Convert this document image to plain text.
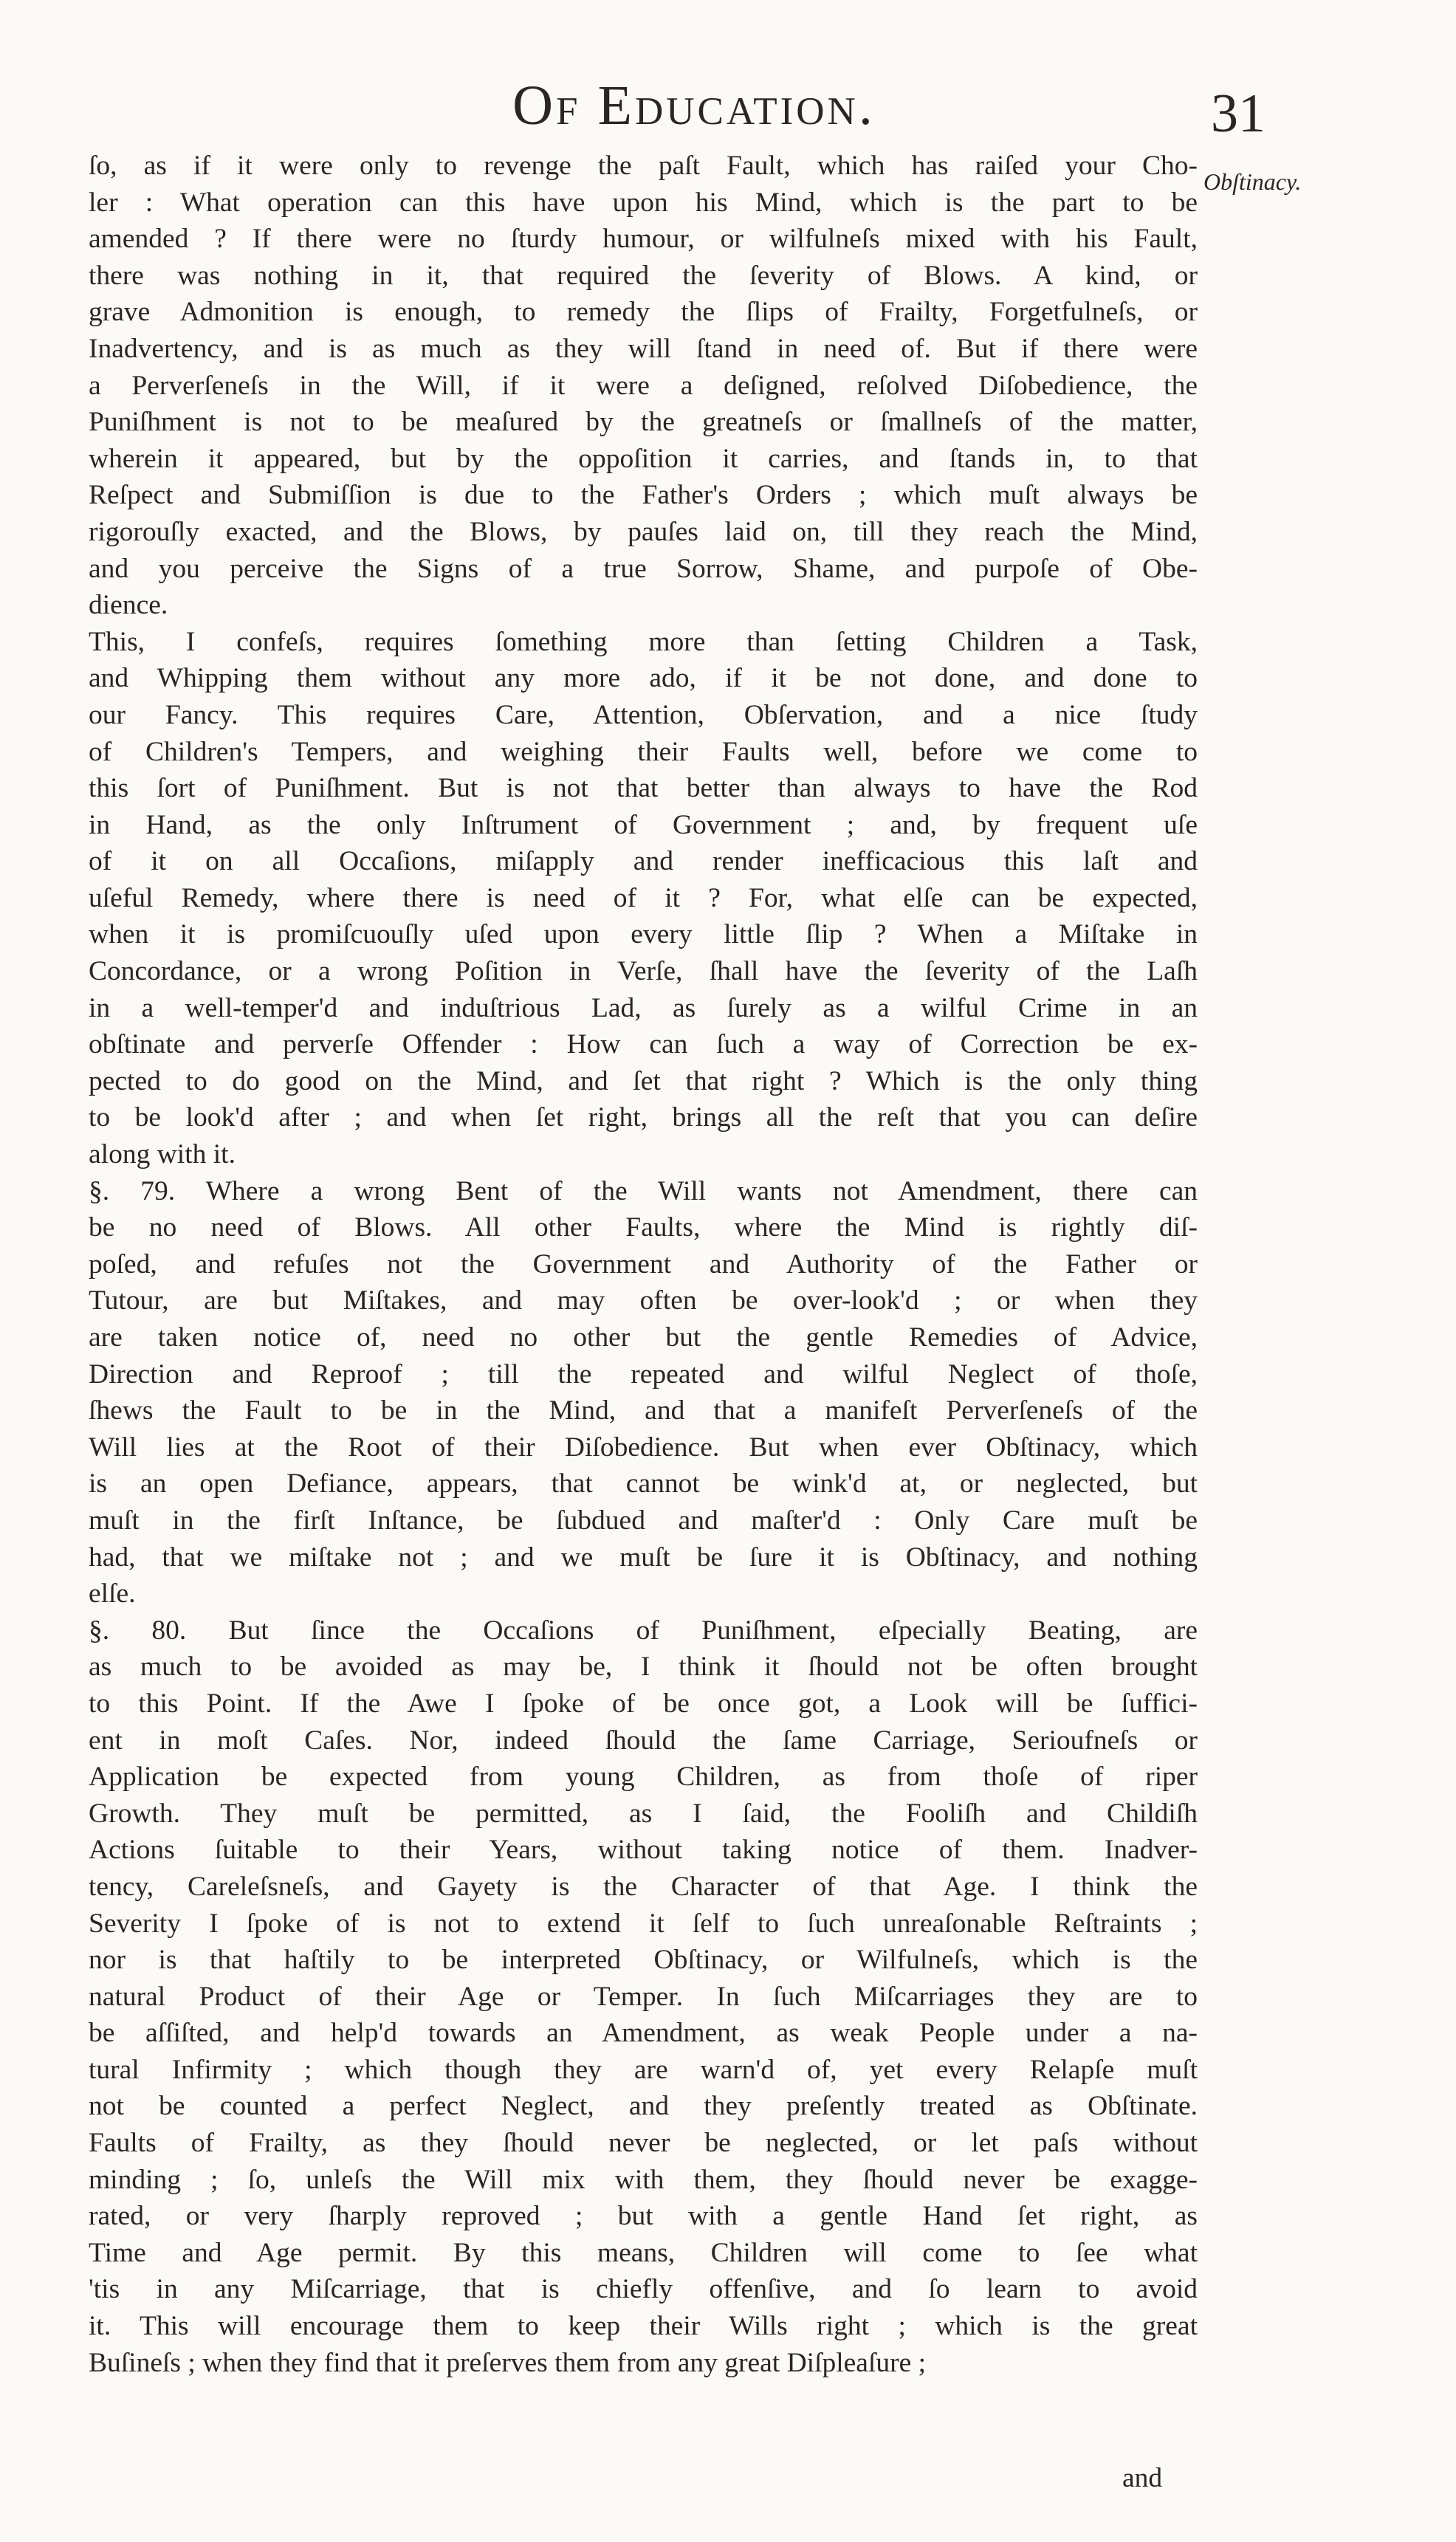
Of Education.	31
Obſtinacy.
ſo, as if it were only to revenge the paſt Fault, which has raiſed your Cho-
ler : What operation can this have upon his Mind, which is the part to be
amended ? If there were no ſturdy humour, or wilfulneſs mixed with his Fault,
there was nothing in it, that required the ſeverity of Blows. A kind, or
grave Admonition is enough, to remedy the ſlips of Frailty, Forgetfulneſs, or
Inadvertency, and is as much as they will ſtand in need of. But if there were
a Perverſeneſs in the Will, if it were a deſigned, reſolved Diſobedience, the
Puniſhment is not to be meaſured by the greatneſs or ſmallneſs of the matter,
wherein it appeared, but by the oppoſition it carries, and ſtands in, to that
Reſpect and Submiſſion is due to the Father's Orders ; which muſt always be
rigorouſly exacted, and the Blows, by pauſes laid on, till they reach the Mind,
and you perceive the Signs of a true Sorrow, Shame, and purpoſe of Obe-
dience.
This, I confeſs, requires ſomething more than ſetting Children a Task,
and Whipping them without any more ado, if it be not done, and done to
our Fancy. This requires Care, Attention, Obſervation, and a nice ſtudy
of Children's Tempers, and weighing their Faults well, before we come to
this ſort of Puniſhment. But is not that better than always to have the Rod
in Hand, as the only Inſtrument of Government ; and, by frequent uſe
of it on all Occaſions, miſapply and render inefficacious this laſt and
uſeful Remedy, where there is need of it ? For, what elſe can be expected,
when it is promiſcuouſly uſed upon every little ſlip ? When a Miſtake in
Concordance, or a wrong Poſition in Verſe, ſhall have the ſeverity of the Laſh
in a well-temper'd and induſtrious Lad, as ſurely as a wilful Crime in an
obſtinate and perverſe Offender : How can ſuch a way of Correction be ex-
pected to do good on the Mind, and ſet that right ? Which is the only thing
to be look'd after ; and when ſet right, brings all the reſt that you can deſire
along with it.
§. 79. Where a wrong Bent of the Will wants not Amendment, there can
be no need of Blows. All other Faults, where the Mind is rightly diſ-
poſed, and refuſes not the Government and Authority of the Father or
Tutour, are but Miſtakes, and may often be over-look'd ; or when they
are taken notice of, need no other but the gentle Remedies of Advice,
Direction and Reproof ; till the repeated and wilful Neglect of thoſe,
ſhews the Fault to be in the Mind, and that a manifeſt Perverſeneſs of the
Will lies at the Root of their Diſobedience. But when ever Obſtinacy, which
is an open Defiance, appears, that cannot be wink'd at, or neglected, but
muſt in the firſt Inſtance, be ſubdued and maſter'd : Only Care muſt be
had, that we miſtake not ; and we muſt be ſure it is Obſtinacy, and nothing
elſe.
§. 80. But ſince the Occaſions of Puniſhment, eſpecially Beating, are
as much to be avoided as may be, I think it ſhould not be often brought
to this Point. If the Awe I ſpoke of be once got, a Look will be ſuffici-
ent in moſt Caſes. Nor, indeed ſhould the ſame Carriage, Serioufneſs or
Application be expected from young Children, as from thoſe of riper
Growth. They muſt be permitted, as I ſaid, the Fooliſh and Childiſh
Actions ſuitable to their Years, without taking notice of them. Inadver-
tency, Careleſsneſs, and Gayety is the Character of that Age. I think the
Severity I ſpoke of is not to extend it ſelf to ſuch unreaſonable Reſtraints ;
nor is that haſtily to be interpreted Obſtinacy, or Wilfulneſs, which is the
natural Product of their Age or Temper. In ſuch Miſcarriages they are to
be aſſiſted, and help'd towards an Amendment, as weak People under a na-
tural Infirmity ; which though they are warn'd of, yet every Relapſe muſt
not be counted a perfect Neglect, and they preſently treated as Obſtinate.
Faults of Frailty, as they ſhould never be neglected, or let paſs without
minding ; ſo, unleſs the Will mix with them, they ſhould never be exagge-
rated, or very ſharply reproved ; but with a gentle Hand ſet right, as
Time and Age permit. By this means, Children will come to ſee what
'tis in any Miſcarriage, that is chiefly offenſive, and ſo learn to avoid
it. This will encourage them to keep their Wills right ; which is the great
Buſineſs ; when they find that it preſerves them from any great Diſpleaſure ;
and
